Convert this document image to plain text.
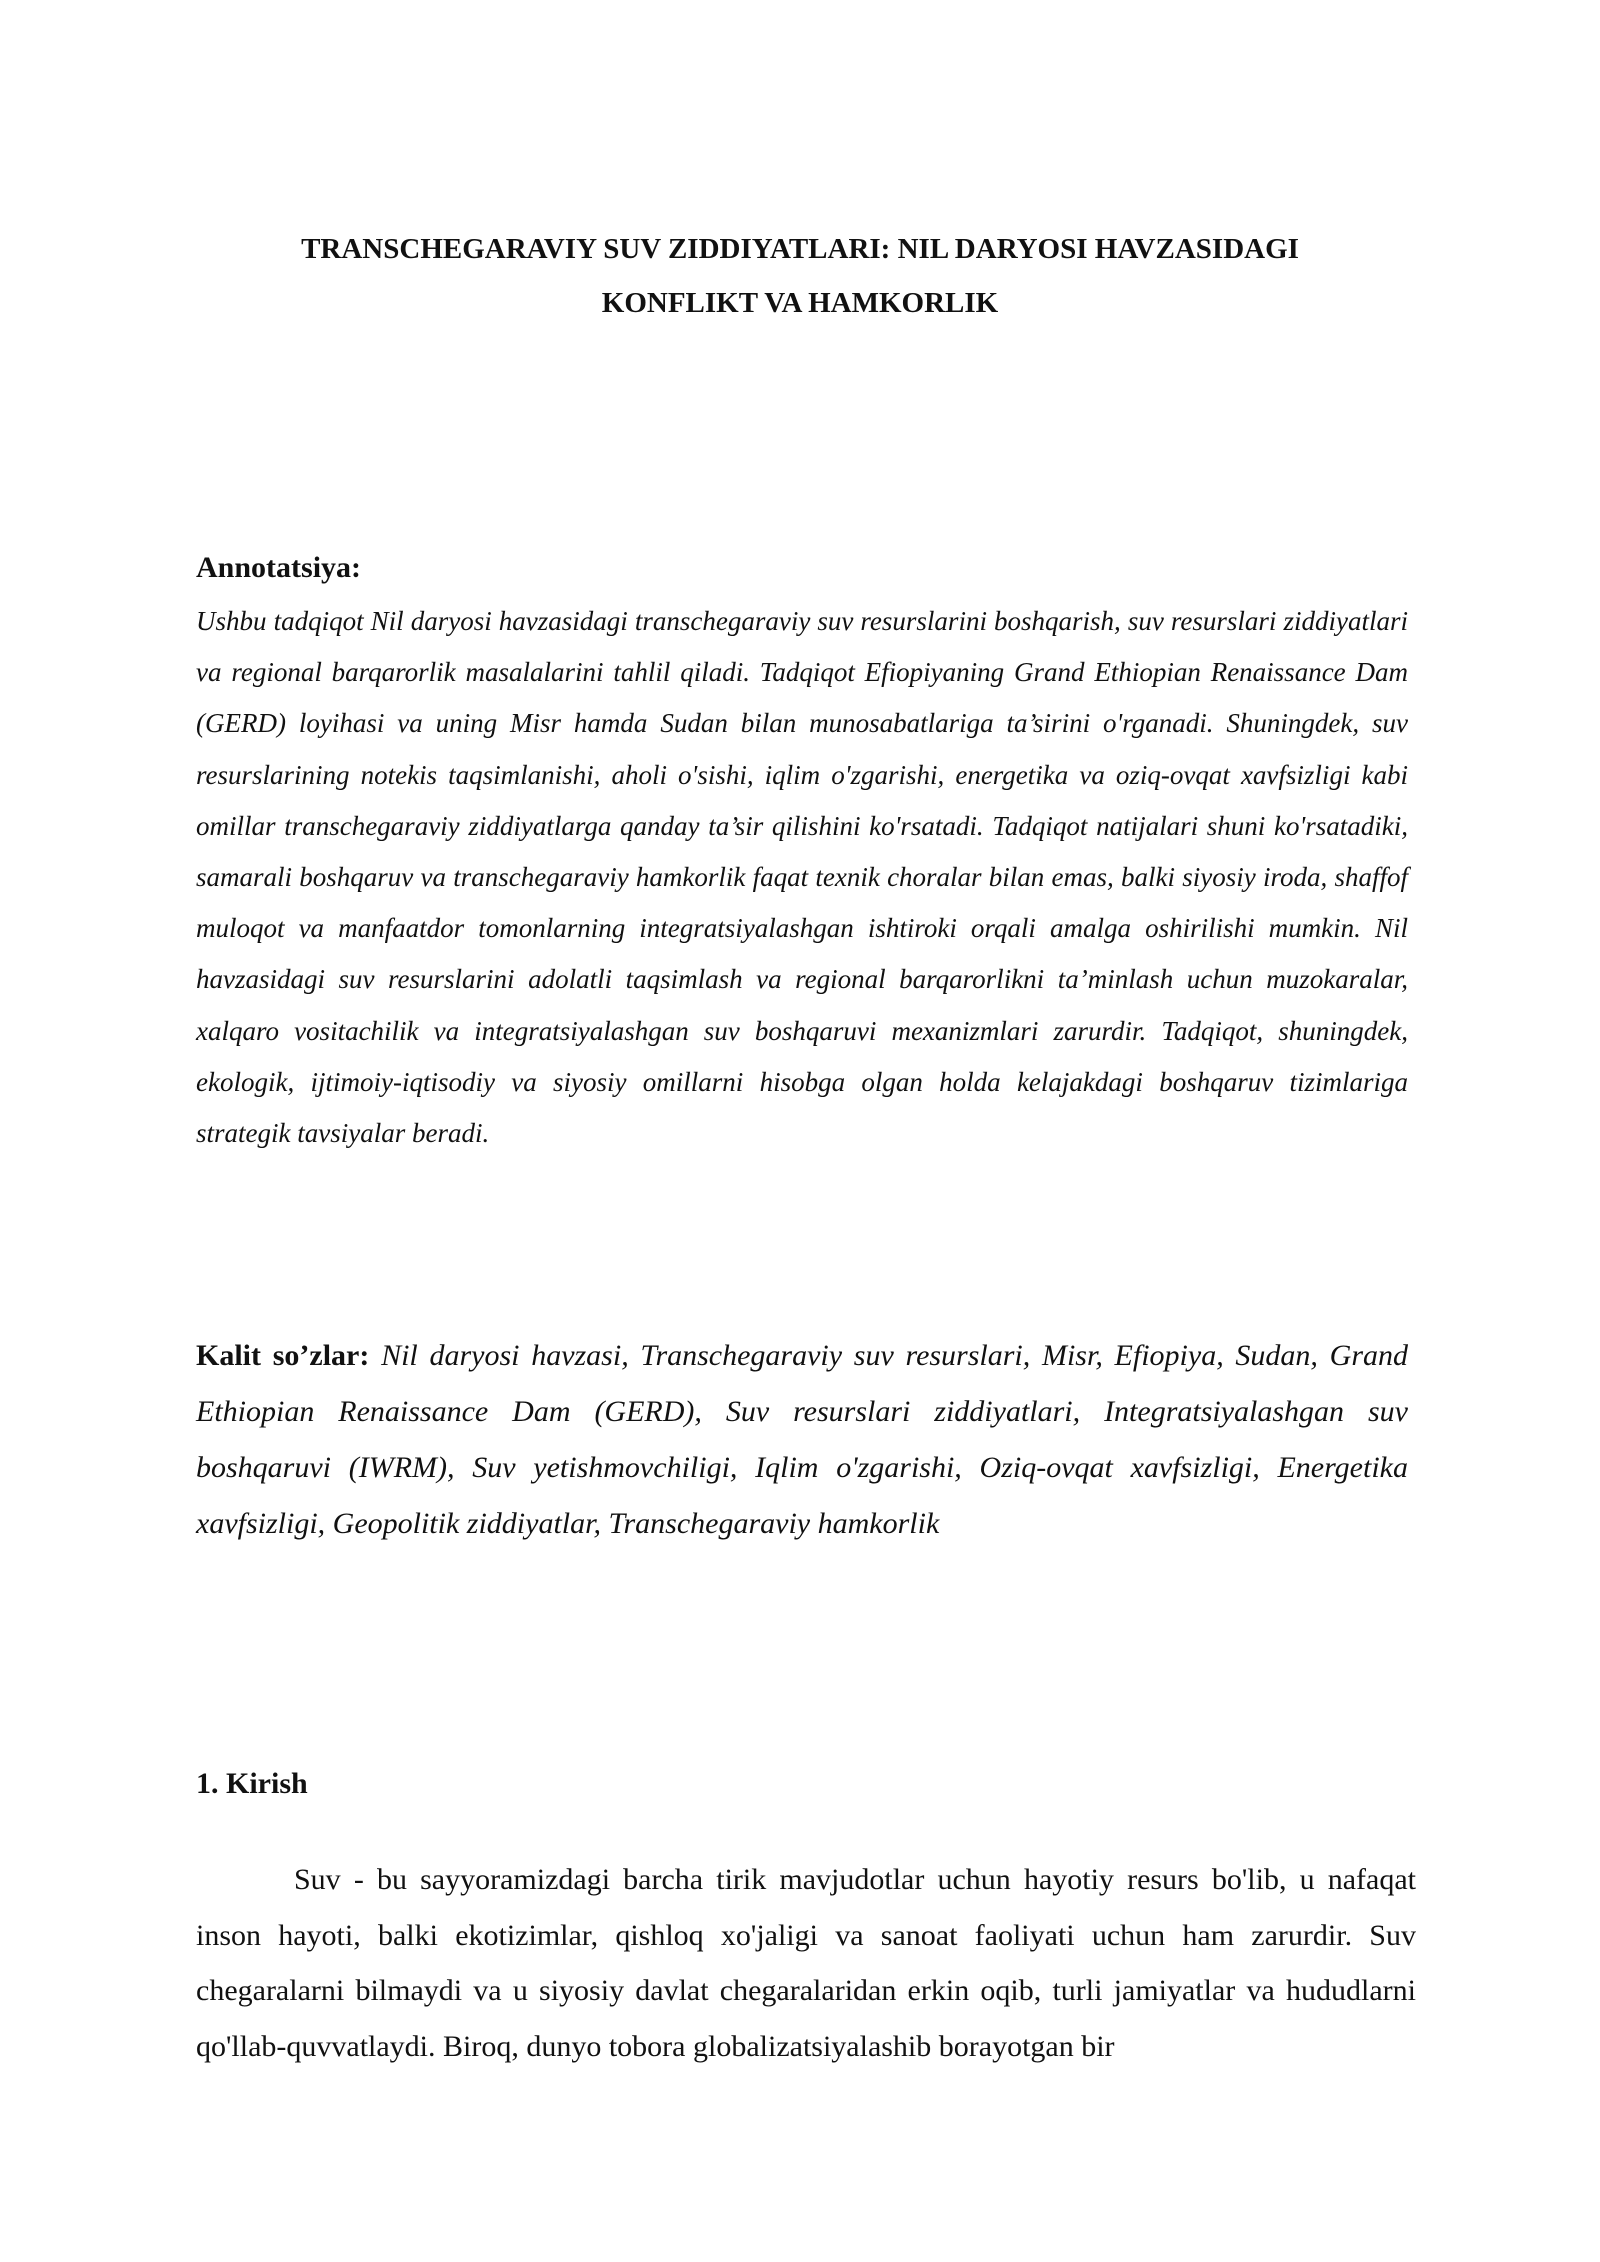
TRANSCHEGARAVIY SUV ZIDDIYATLARI: NIL DARYOSI HAVZASIDAGI
KONFLIKT VA HAMKORLIK
Annotatsiya:

Ushbu tadqiqot Nil daryosi havzasidagi transchegaraviy suv resurslarini boshqarish, suv resurslari ziddiyatlari va regional barqarorlik masalalarini tahlil qiladi. Tadqiqot Efiopiyaning Grand Ethiopian Renaissance Dam (GERD) loyihasi va uning Misr hamda Sudan bilan munosabatlariga ta’sirini o'rganadi. Shuningdek, suv resurslarining notekis taqsimlanishi, aholi o'sishi, iqlim o'zgarishi, energetika va oziq-ovqat xavfsizligi kabi omillar transchegaraviy ziddiyatlarga qanday ta’sir qilishini ko'rsatadi. Tadqiqot natijalari shuni ko'rsatadiki, samarali boshqaruv va transchegaraviy hamkorlik faqat texnik choralar bilan emas, balki siyosiy iroda, shaffof muloqot va manfaatdor tomonlarning integratsiyalashgan ishtiroki orqali amalga oshirilishi mumkin. Nil havzasidagi suv resurslarini adolatli taqsimlash va regional barqarorlikni ta’minlash uchun muzokaralar, xalqaro vositachilik va integratsiyalashgan suv boshqaruvi mexanizmlari zarurdir. Tadqiqot, shuningdek, ekologik, ijtimoiy-iqtisodiy va siyosiy omillarni hisobga olgan holda kelajakdagi boshqaruv tizimlariga strategik tavsiyalar beradi.

Kalit so’zlar: Nil daryosi havzasi, Transchegaraviy suv resurslari, Misr, Efiopiya, Sudan, Grand Ethiopian Renaissance Dam (GERD), Suv resurslari ziddiyatlari, Integratsiyalashgan suv boshqaruvi (IWRM), Suv yetishmovchiligi, Iqlim o'zgarishi, Oziq-ovqat xavfsizligi, Energetika xavfsizligi, Geopolitik ziddiyatlar, Transchegaraviy hamkorlik

1. Kirish

Suv - bu sayyoramizdagi barcha tirik mavjudotlar uchun hayotiy resurs bo'lib, u nafaqat inson hayoti, balki ekotizimlar, qishloq xo'jaligi va sanoat faoliyati uchun ham zarurdir. Suv chegaralarni bilmaydi va u siyosiy davlat chegaralaridan erkin oqib, turli jamiyatlar va hududlarni qo'llab-quvvatlaydi. Biroq, dunyo tobora globalizatsiyalashib borayotgan bir
